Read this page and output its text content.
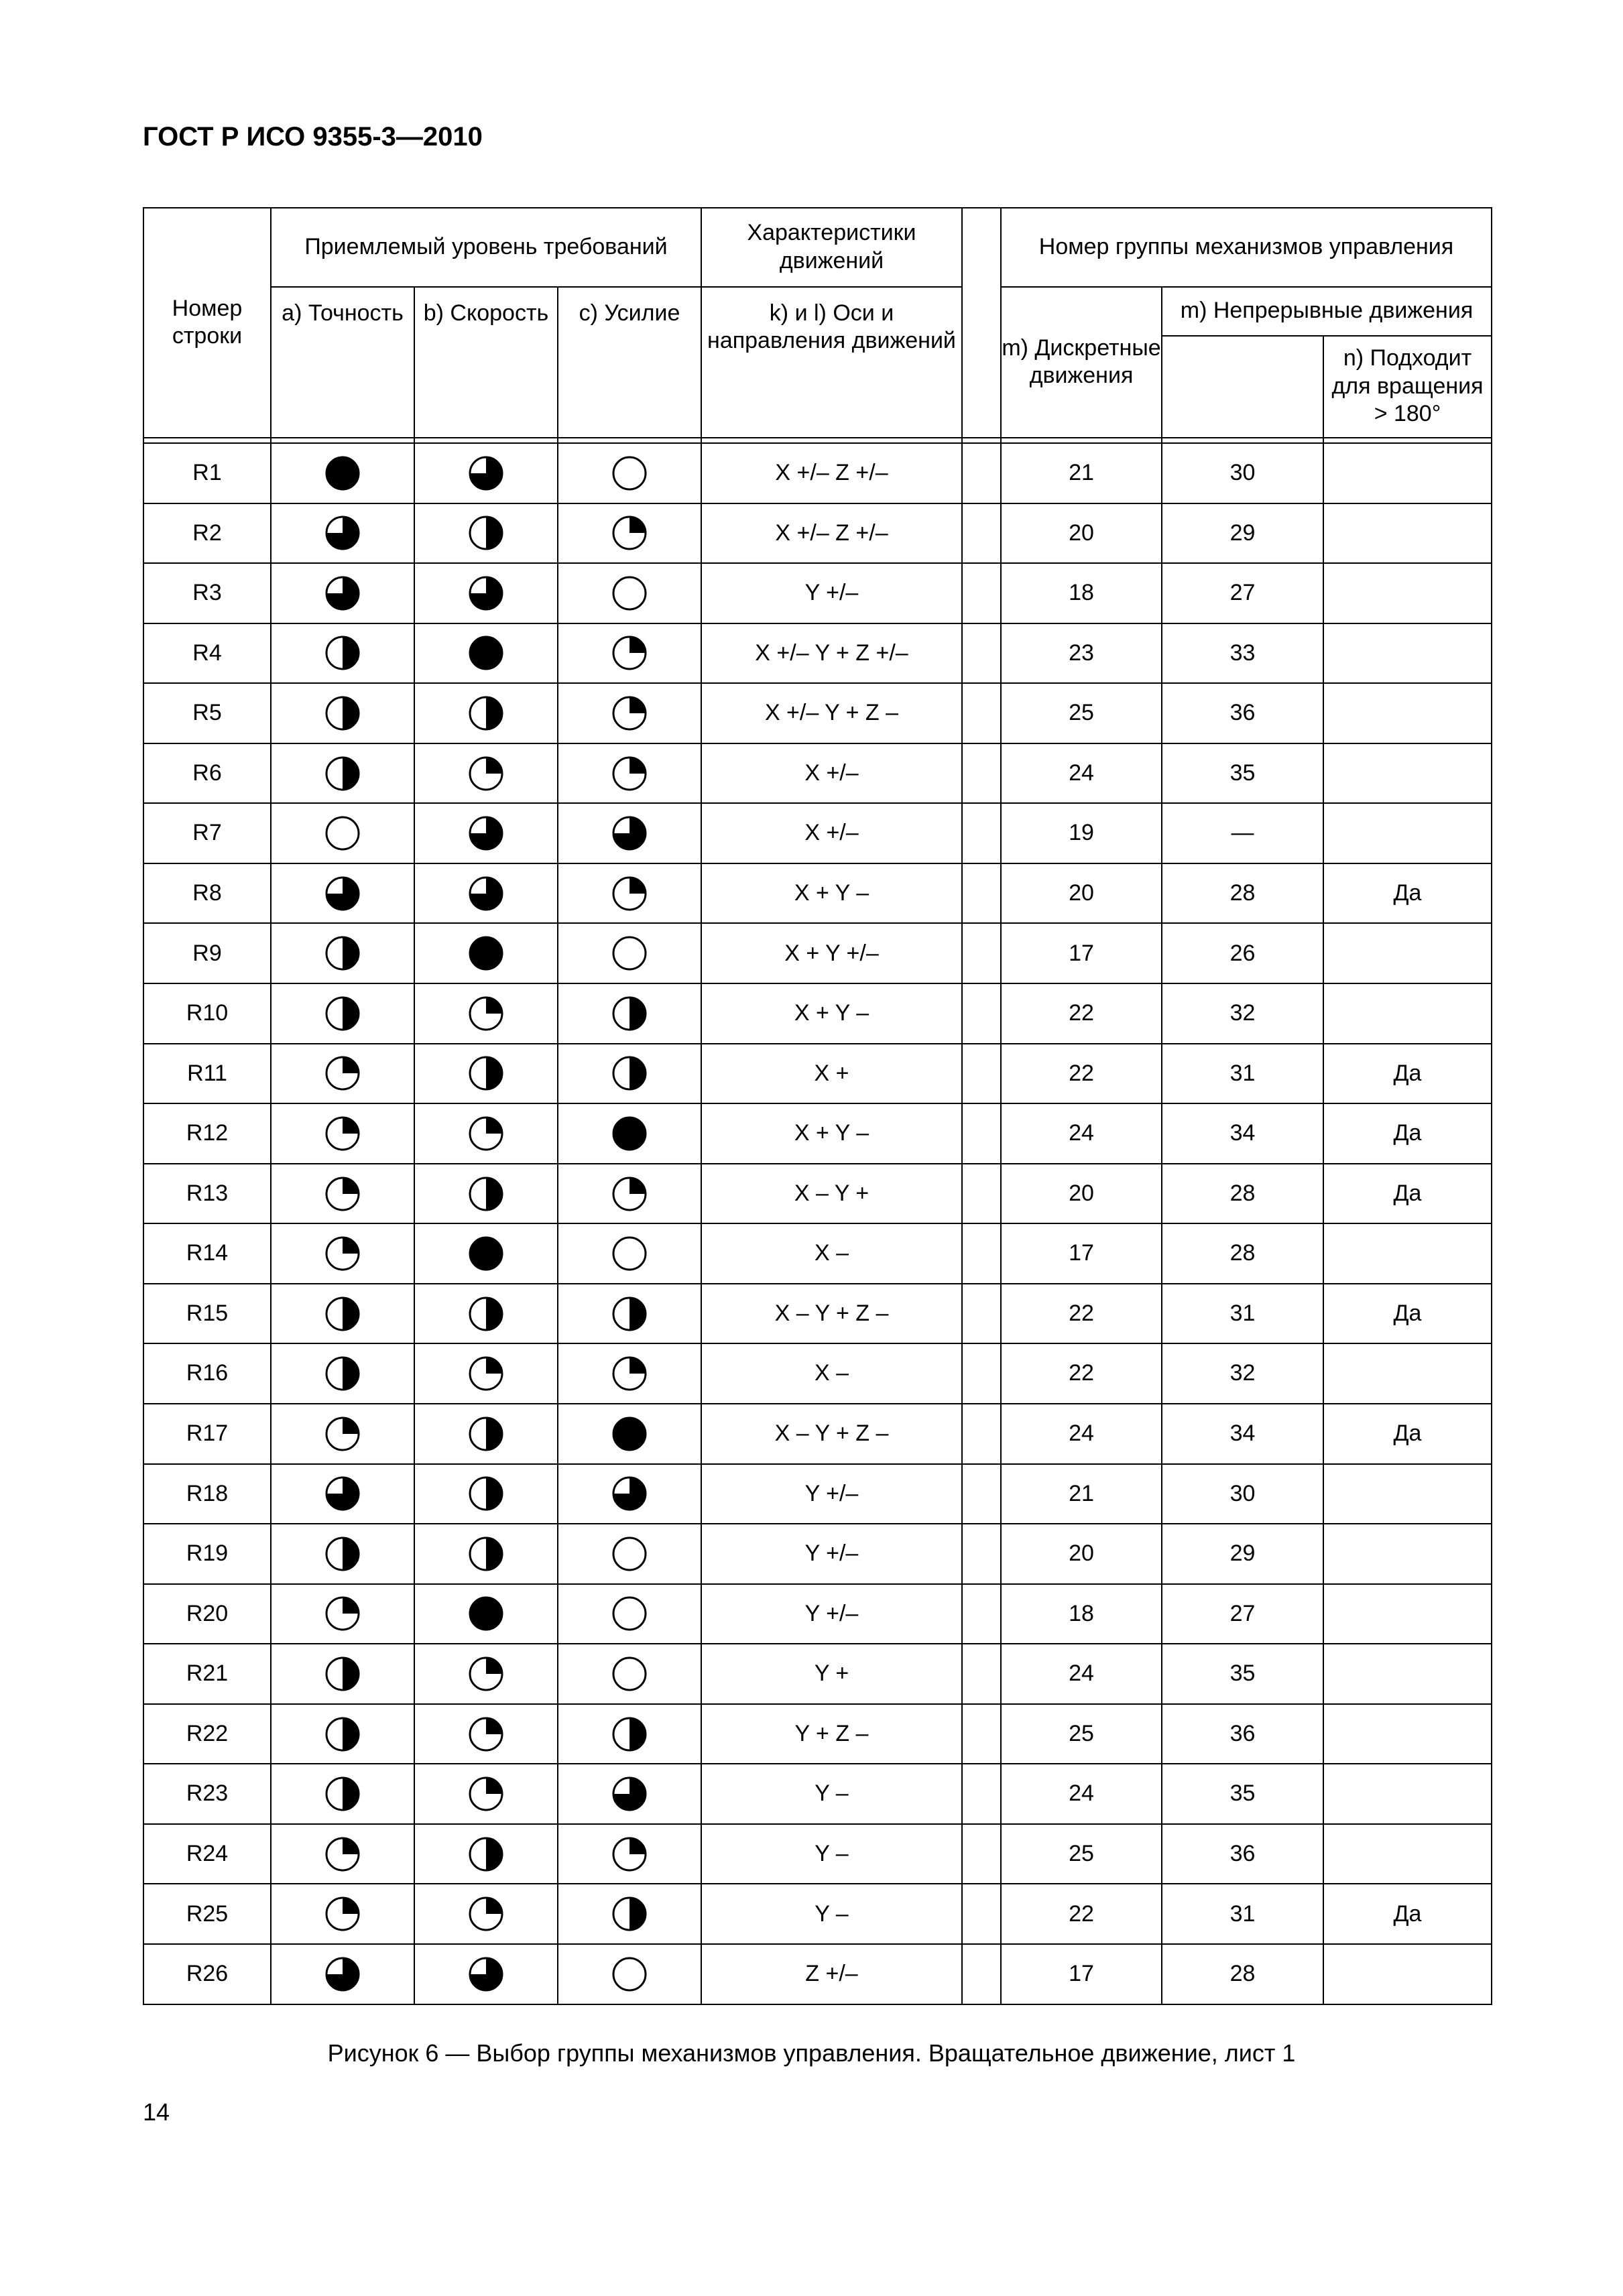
ГОСТ Р ИСО 9355-3—2010
Номер строки	Приемлемый уровень требований			Характеристики движений		Номер группы механизмов управления		
	a) Точность	b) Скорость	c) Усилие	k) и l) Оси и направления движений		m) Дискретные движения	m) Непрерывные движения	
								n) Подходит для вращения > 180°

R1				X +/– Z +/–		21	30	
R2				X +/– Z +/–		20	29	
R3				Y +/–		18	27	
R4				X +/– Y + Z +/–		23	33	
R5				X +/– Y + Z –		25	36	
R6				X +/–		24	35	
R7				X +/–		19	—	
R8				X + Y –		20	28	Да
R9				X + Y +/–		17	26	
R10				X + Y –		22	32	
R11				X +		22	31	Да
R12				X + Y –		24	34	Да
R13				X – Y +		20	28	Да
R14				X –		17	28	
R15				X – Y + Z –		22	31	Да
R16				X –		22	32	
R17				X – Y + Z –		24	34	Да
R18				Y +/–		21	30	
R19				Y +/–		20	29	
R20				Y +/–		18	27	
R21				Y +		24	35	
R22				Y + Z –		25	36	
R23				Y –		24	35	
R24				Y –		25	36	
R25				Y –		22	31	Да
R26				Z +/–		17	28	
Рисунок 6 — Выбор группы механизмов управления. Вращательное движение, лист 1
14
